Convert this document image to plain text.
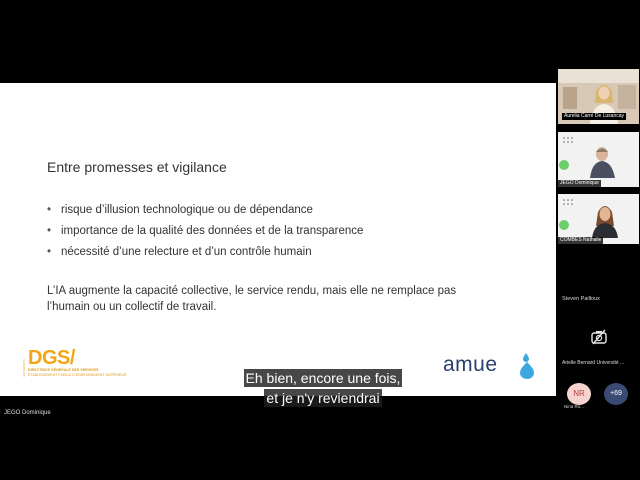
Entre promesses et vigilance
• risque d’illusion technologique ou de dépendance
• importance de la qualité des données et de la transparence
• nécessité d’une relecture et d’un contrôle humain
L’IA augmente la capacité collective, le service rendu, mais elle ne remplace pas l’humain ou un collectif de travail.
UNIVERSITÉ DGS/
DIRECTRICE GÉNÉRALE DES SERVICES
ÉTABLISSEMENT PUBLIC D’ENSEIGNEMENT SUPÉRIEUR	amue
JEGO Dominique
Eh bien, encore une fois,
et je n'y reviendrai
Aurelia Carré De Lusancay
JEGO Dominique
COMBES Nathalie
Steven Pailloux
Arielle Bernard Université ...
NR
Nina Ro...
+69
